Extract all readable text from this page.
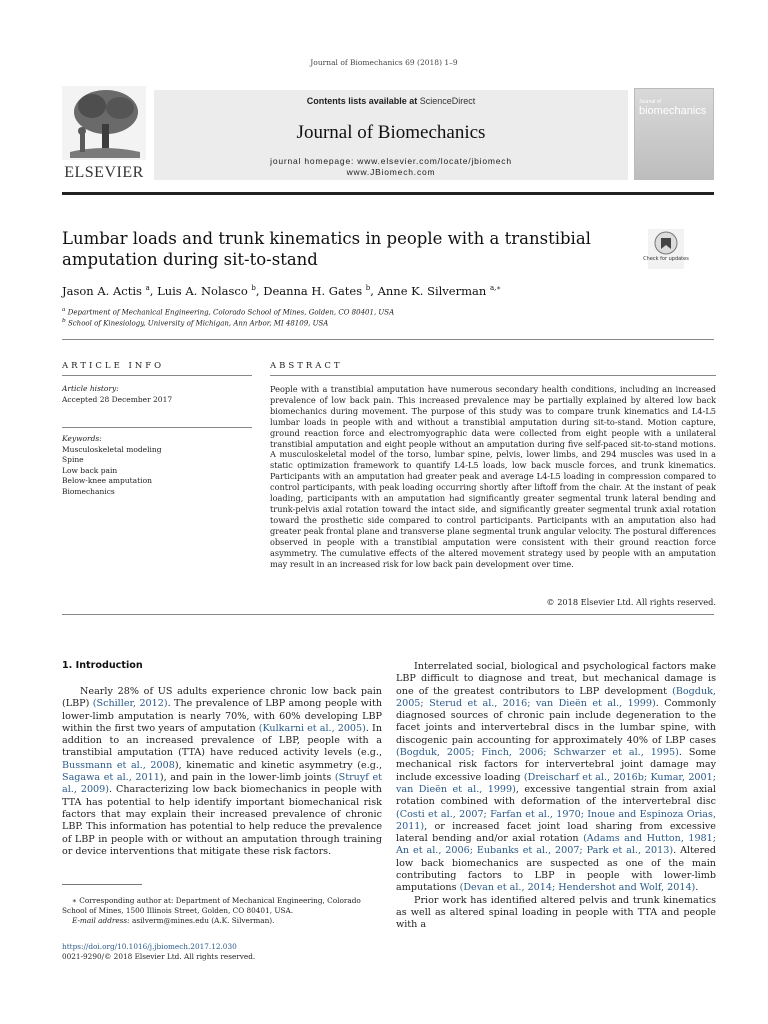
Journal of Biomechanics 69 (2018) 1–9
ELSEVIER
Contents lists available at ScienceDirect
Journal of Biomechanics
journal homepage: www.elsevier.com/locate/jbiomech
www.JBiomech.com
Journal of
biomechanics
Lumbar loads and trunk kinematics in people with a transtibial
amputation during sit-to-stand	Check for updates
Jason A. Actis $^a$, Luis A. Nolasco $^b$, Deanna H. Gates $^b$, Anne K. Silverman $^{a,∗}$
$^a$ Department of Mechanical Engineering, Colorado School of Mines, Golden, CO 80401, USA
$^b$ School of Kinesiology, University of Michigan, Ann Arbor, MI 48109, USA
ARTICLE INFO
Article history:
Accepted 28 December 2017
Keywords:
Musculoskeletal modeling
Spine
Low back pain
Below-knee amputation
Biomechanics
ABSTRACT
People with a transtibial amputation have numerous secondary health conditions, including an increased prevalence of low back pain. This increased prevalence may be partially explained by altered low back biomechanics during movement. The purpose of this study was to compare trunk kinematics and L4-L5 lumbar loads in people with and without a transtibial amputation during sit-to-stand. Motion capture, ground reaction force and electromyographic data were collected from eight people with a unilateral transtibial amputation and eight people without an amputation during five self-paced sit-to-stand motions. A musculoskeletal model of the torso, lumbar spine, pelvis, lower limbs, and 294 muscles was used in a static optimization framework to quantify L4-L5 loads, low back muscle forces, and trunk kinematics. Participants with an amputation had greater peak and average L4-L5 loading in compression compared to control participants, with peak loading occurring shortly after liftoff from the chair. At the instant of peak loading, participants with an amputation had significantly greater segmental trunk lateral bending and trunk-pelvis axial rotation toward the intact side, and significantly greater segmental trunk axial rotation toward the prosthetic side compared to control participants. Participants with an amputation also had greater peak frontal plane and transverse plane segmental trunk angular velocity. The postural differences observed in people with a transtibial amputation were consistent with their ground reaction force asymmetry. The cumulative effects of the altered movement strategy used by people with an amputation may result in an increased risk for low back pain development over time.
© 2018 Elsevier Ltd. All rights reserved.
1. Introduction

Nearly 28% of US adults experience chronic low back pain (LBP) (Schiller, 2012). The prevalence of LBP among people with lower-limb amputation is nearly 70%, with 60% developing LBP within the first two years of amputation (Kulkarni et al., 2005). In addition to an increased prevalence of LBP, people with a transtibial amputation (TTA) have reduced activity levels (e.g., Bussmann et al., 2008), kinematic and kinetic asymmetry (e.g., Sagawa et al., 2011), and pain in the lower-limb joints (Struyf et al., 2009). Characterizing low back biomechanics in people with TTA has potential to help identify important biomechanical risk factors that may explain their increased prevalence of chronic LBP. This information has potential to help reduce the prevalence of LBP in people with or without an amputation through training or device interventions that mitigate these risk factors.

Interrelated social, biological and psychological factors make LBP difficult to diagnose and treat, but mechanical damage is one of the greatest contributors to LBP development (Bogduk, 2005; Sterud et al., 2016; van Dieën et al., 1999). Commonly diagnosed sources of chronic pain include degeneration to the facet joints and intervertebral discs in the lumbar spine, with discogenic pain accounting for approximately 40% of LBP cases (Bogduk, 2005; Finch, 2006; Schwarzer et al., 1995). Some mechanical risk factors for intervertebral joint damage may include excessive loading (Dreischarf et al., 2016b; Kumar, 2001; van Dieën et al., 1999), excessive tangential strain from axial rotation combined with deformation of the intervertebral disc (Costi et al., 2007; Farfan et al., 1970; Inoue and Espinoza Orias, 2011), or increased facet joint load sharing from excessive lateral bending and/or axial rotation (Adams and Hutton, 1981; An et al., 2006; Eubanks et al., 2007; Park et al., 2013). Altered low back biomechanics are suspected as one of the main contributing factors to LBP in people with lower-limb amputations (Devan et al., 2014; Hendershot and Wolf, 2014).

Prior work has identified altered pelvis and trunk kinematics as well as altered spinal loading in people with TTA and people with a

∗ Corresponding author at: Department of Mechanical Engineering, Colorado School of Mines, 1500 Illinois Street, Golden, CO 80401, USA.
E-mail address: asilverm@mines.edu (A.K. Silverman).
https://doi.org/10.1016/j.jbiomech.2017.12.030
0021-9290/© 2018 Elsevier Ltd. All rights reserved.
